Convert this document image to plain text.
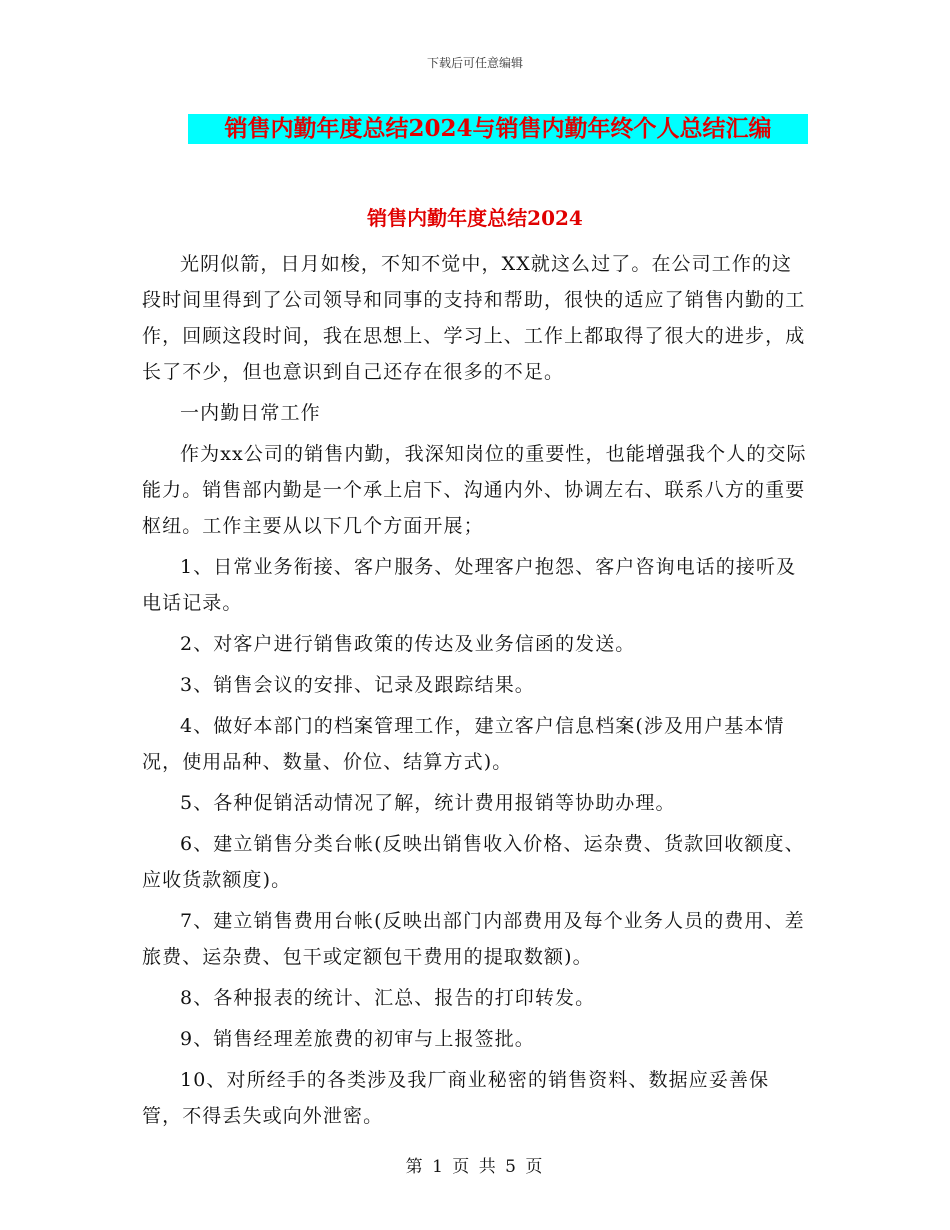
下载后可任意编辑
销售内勤年度总结2024与销售内勤年终个人总结汇编
销售内勤年度总结2024

光阴似箭，日月如梭，不知不觉中，XX就这么过了。在公司工作的这段时间里得到了公司领导和同事的支持和帮助，很快的适应了销售内勤的工作，回顾这段时间，我在思想上、学习上、工作上都取得了很大的进步，成长了不少，但也意识到自己还存在很多的不足。

一内勤日常工作

作为xx公司的销售内勤，我深知岗位的重要性，也能增强我个人的交际能力。销售部内勤是一个承上启下、沟通内外、协调左右、联系八方的重要枢纽。工作主要从以下几个方面开展；

1、日常业务衔接、客户服务、处理客户抱怨、客户咨询电话的接听及电话记录。

2、对客户进行销售政策的传达及业务信函的发送。

3、销售会议的安排、记录及跟踪结果。

4、做好本部门的档案管理工作，建立客户信息档案(涉及用户基本情况，使用品种、数量、价位、结算方式)。

5、各种促销活动情况了解，统计费用报销等协助办理。

6、建立销售分类台帐(反映出销售收入价格、运杂费、货款回收额度、应收货款额度)。

7、建立销售费用台帐(反映出部门内部费用及每个业务人员的费用、差旅费、运杂费、包干或定额包干费用的提取数额)。

8、各种报表的统计、汇总、报告的打印转发。

9、销售经理差旅费的初审与上报签批。

10、对所经手的各类涉及我厂商业秘密的销售资料、数据应妥善保管，不得丢失或向外泄密。

第 1 页 共 5 页
